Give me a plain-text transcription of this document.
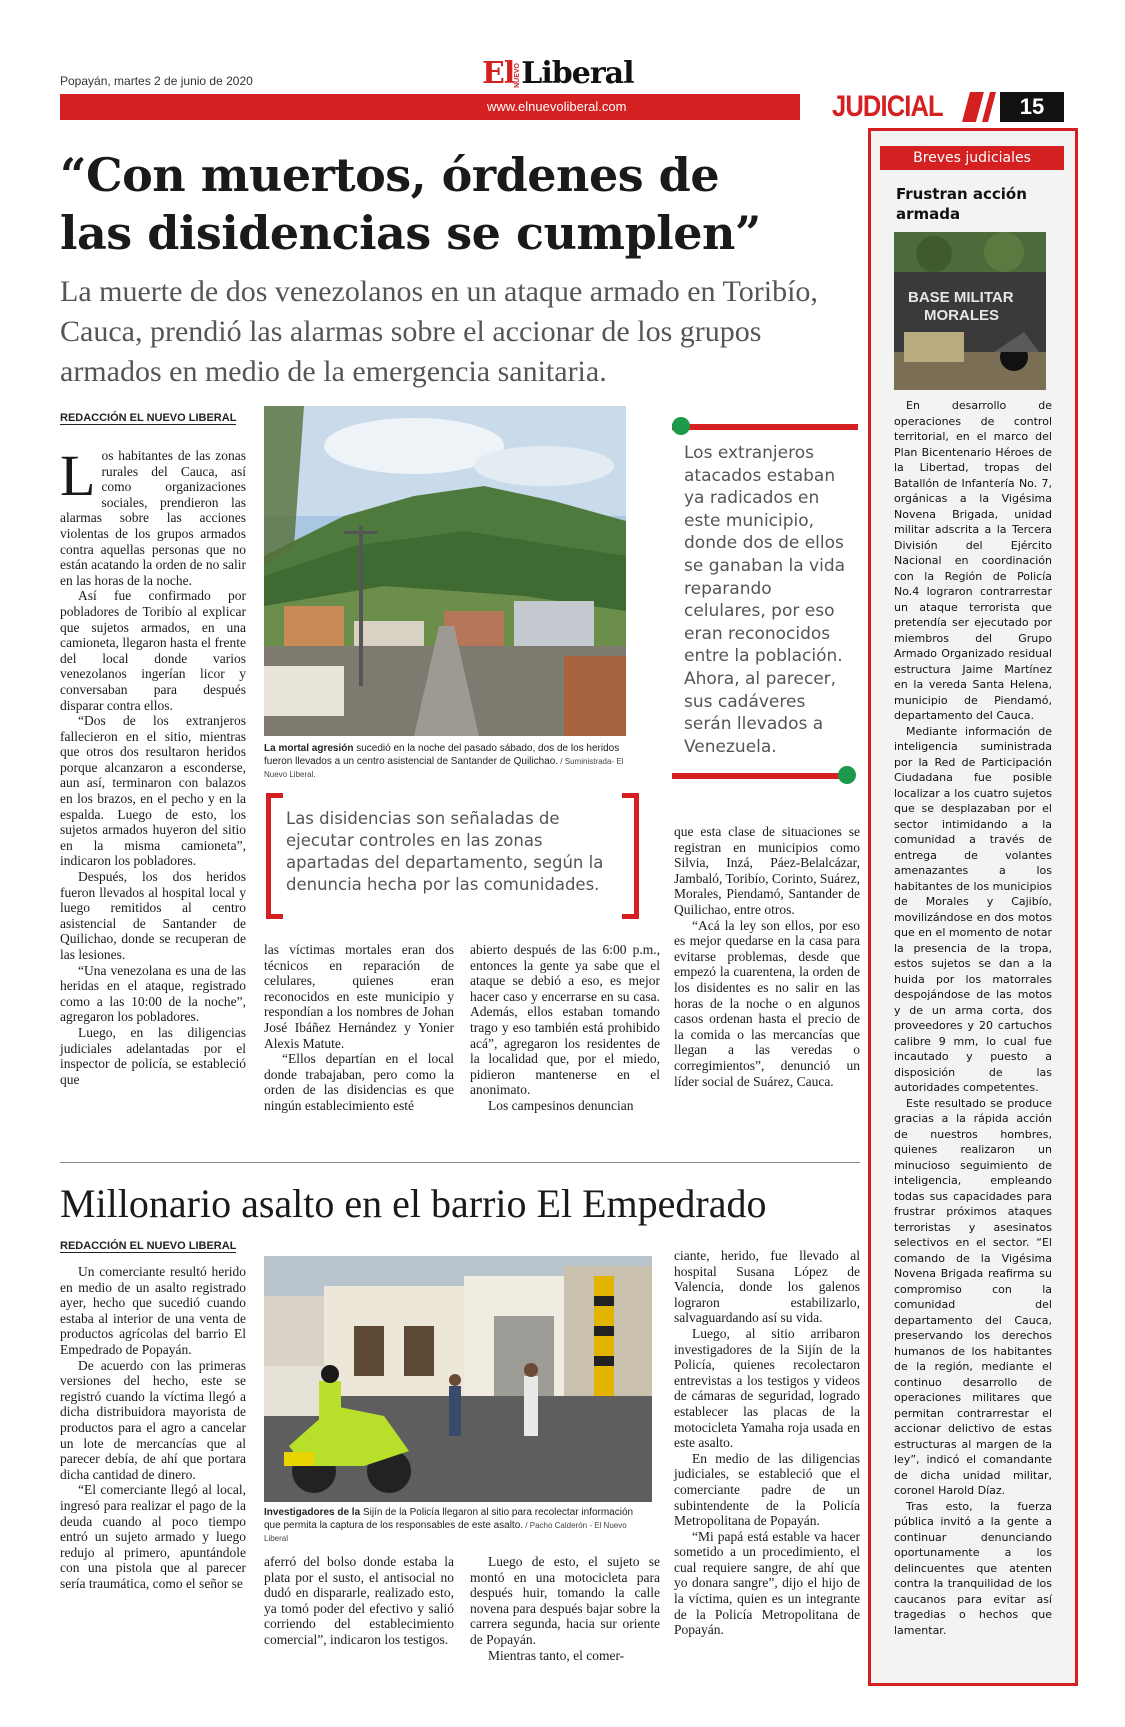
Popayán, martes 2 de junio de 2020	ElNUEVOLiberal
www.elnuevoliberal.com	JUDICIAL	15
“Con muertos, órdenes de las disidencias se cumplen”
La muerte de dos venezolanos en un ataque armado en Toribío, Cauca, prendió las alarmas sobre el accionar de los grupos armados en medio de la emergencia sanitaria.
REDACCIÓN EL NUEVO LIBERAL
L os habitantes de las zonas rurales del Cauca, así como organizaciones sociales, prendieron las alarmas sobre las acciones violentas de los grupos armados contra aquellas personas que no están acatando la orden de no salir en las horas de la noche.

Así fue confirmado por pobladores de Toribío al explicar que sujetos armados, en una camioneta, llegaron hasta el frente del local donde varios venezolanos ingerían licor y conversaban para después disparar contra ellos.

“Dos de los extranjeros fallecieron en el sitio, mientras que otros dos resultaron heridos porque alcanzaron a esconderse, aun así, terminaron con balazos en los brazos, en el pecho y en la espalda. Luego de esto, los sujetos armados huyeron del sitio en la misma camioneta”, indicaron los pobladores.

Después, los dos heridos fueron llevados al hospital local y luego remitidos al centro asistencial de Santander de Quilichao, donde se recuperan de las lesiones.

“Una venezolana es una de las heridas en el ataque, registrado como a las 10:00 de la noche”, agregaron los pobladores.

Luego, en las diligencias judiciales adelantadas por el inspector de policía, se estableció que

La mortal agresión sucedió en la noche del pasado sábado, dos de los heridos fueron llevados a un centro asistencial de Santander de Quilichao. / Suministrada- El Nuevo Liberal.
Los extranjeros atacados estaban ya radicados en este municipio, donde dos de ellos se ganaban la vida reparando celulares, por eso eran reconocidos entre la población. Ahora, al parecer, sus cadáveres serán llevados a Venezuela.
Las disidencias son señaladas de ejecutar controles en las zonas apartadas del departamento, según la denuncia hecha por las comunidades.

las víctimas mortales eran dos técnicos en reparación de celulares, quienes eran reconocidos en este municipio y respondían a los nombres de Johan José Ibáñez Hernández y Yonier Alexis Matute.

“Ellos departían en el local donde trabajaban, pero como la orden de las disidencias es que ningún establecimiento esté

abierto después de las 6:00 p.m., entonces la gente ya sabe que el ataque se debió a eso, es mejor hacer caso y encerrarse en su casa. Además, ellos estaban tomando trago y eso también está prohibido acá”, agregaron los residentes de la localidad que, por el miedo, pidieron mantenerse en el anonimato.

Los campesinos denuncian

que esta clase de situaciones se registran en municipios como Silvia, Inzá, Páez-Belalcázar, Jambaló, Toribío, Corinto, Suárez, Morales, Piendamó, Santander de Quilichao, entre otros.

“Acá la ley son ellos, por eso es mejor quedarse en la casa para evitarse problemas, desde que empezó la cuarentena, la orden de los disidentes es no salir en las horas de la noche o en algunos casos ordenan hasta el precio de la comida o las mercancías que llegan a las veredas o corregimientos”, denunció un líder social de Suárez, Cauca.

Millonario asalto en el barrio El Empedrado
REDACCIÓN EL NUEVO LIBERAL

Un comerciante resultó herido en medio de un asalto registrado ayer, hecho que sucedió cuando estaba al interior de una venta de productos agrícolas del barrio El Empedrado de Popayán.

De acuerdo con las primeras versiones del hecho, este se registró cuando la víctima llegó a dicha distribuidora mayorista de productos para el agro a cancelar un lote de mercancías que al parecer debía, de ahí que portara dicha cantidad de dinero.

“El comerciante llegó al local, ingresó para realizar el pago de la deuda cuando al poco tiempo entró un sujeto armado y luego redujo al primero, apuntándole con una pistola que al parecer sería traumática, como el señor se

Investigadores de la Sijín de la Policía llegaron al sitio para recolectar información que permita la captura de los responsables de este asalto. / Pacho Calderón - El Nuevo Liberal

aferró del bolso donde estaba la plata por el susto, el antisocial no dudó en dispararle, realizado esto, ya tomó poder del efectivo y salió corriendo del establecimiento comercial”, indicaron los testigos.

Luego de esto, el sujeto se montó en una motocicleta para después huir, tomando la calle novena para después bajar sobre la carrera segunda, hacia sur oriente de Popayán.

Mientras tanto, el comer-

ciante, herido, fue llevado al hospital Susana López de Valencia, donde los galenos lograron estabilizarlo, salvaguardando así su vida.

Luego, al sitio arribaron investigadores de la Sijín de la Policía, quienes recolectaron entrevistas a los testigos y videos de cámaras de seguridad, logrado establecer las placas de la motocicleta Yamaha roja usada en este asalto.

En medio de las diligencias judiciales, se estableció que el comerciante padre de un subintendente de la Policía Metropolitana de Popayán.

“Mi papá está estable va hacer sometido a un procedimiento, el cual requiere sangre, de ahí que yo donara sangre”, dijo el hijo de la víctima, quien es un integrante de la Policía Metropolitana de Popayán.

Breves judiciales
Frustran acción armada
BASE MILITAR MORALES

En desarrollo de operaciones de control territorial, en el marco del Plan Bicentenario Héroes de la Libertad, tropas del Batallón de Infantería No. 7, orgánicas a la Vigésima Novena Brigada, unidad militar adscrita a la Tercera División del Ejército Nacional en coordinación con la Región de Policía No.4 lograron contrarrestar un ataque terrorista que pretendía ser ejecutado por miembros del Grupo Armado Organizado residual estructura Jaime Martínez en la vereda Santa Helena, municipio de Piendamó, departamento del Cauca.

Mediante información de inteligencia suministrada por la Red de Participación Ciudadana fue posible localizar a los cuatro sujetos que se desplazaban por el sector intimidando a la comunidad a través de entrega de volantes amenazantes a los habitantes de los municipios de Morales y Cajibío, movilizándose en dos motos que en el momento de notar la presencia de la tropa, estos sujetos se dan a la huida por los matorrales despojándose de las motos y de un arma corta, dos proveedores y 20 cartuchos calibre 9 mm, lo cual fue incautado y puesto a disposición de las autoridades competentes.

Este resultado se produce gracias a la rápida acción de nuestros hombres, quienes realizaron un minucioso seguimiento de inteligencia, empleando todas sus capacidades para frustrar próximos ataques terroristas y asesinatos selectivos en el sector. “El comando de la Vigésima Novena Brigada reafirma su compromiso con la comunidad del departamento del Cauca, preservando los derechos humanos de los habitantes de la región, mediante el continuo desarrollo de operaciones militares que permitan contrarrestar el accionar delictivo de estas estructuras al margen de la ley”, indicó el comandante de dicha unidad militar, coronel Harold Díaz.

Tras esto, la fuerza pública invitó a la gente a continuar denunciando oportunamente a los delincuentes que atenten contra la tranquilidad de los caucanos para evitar así tragedias o hechos que lamentar.
